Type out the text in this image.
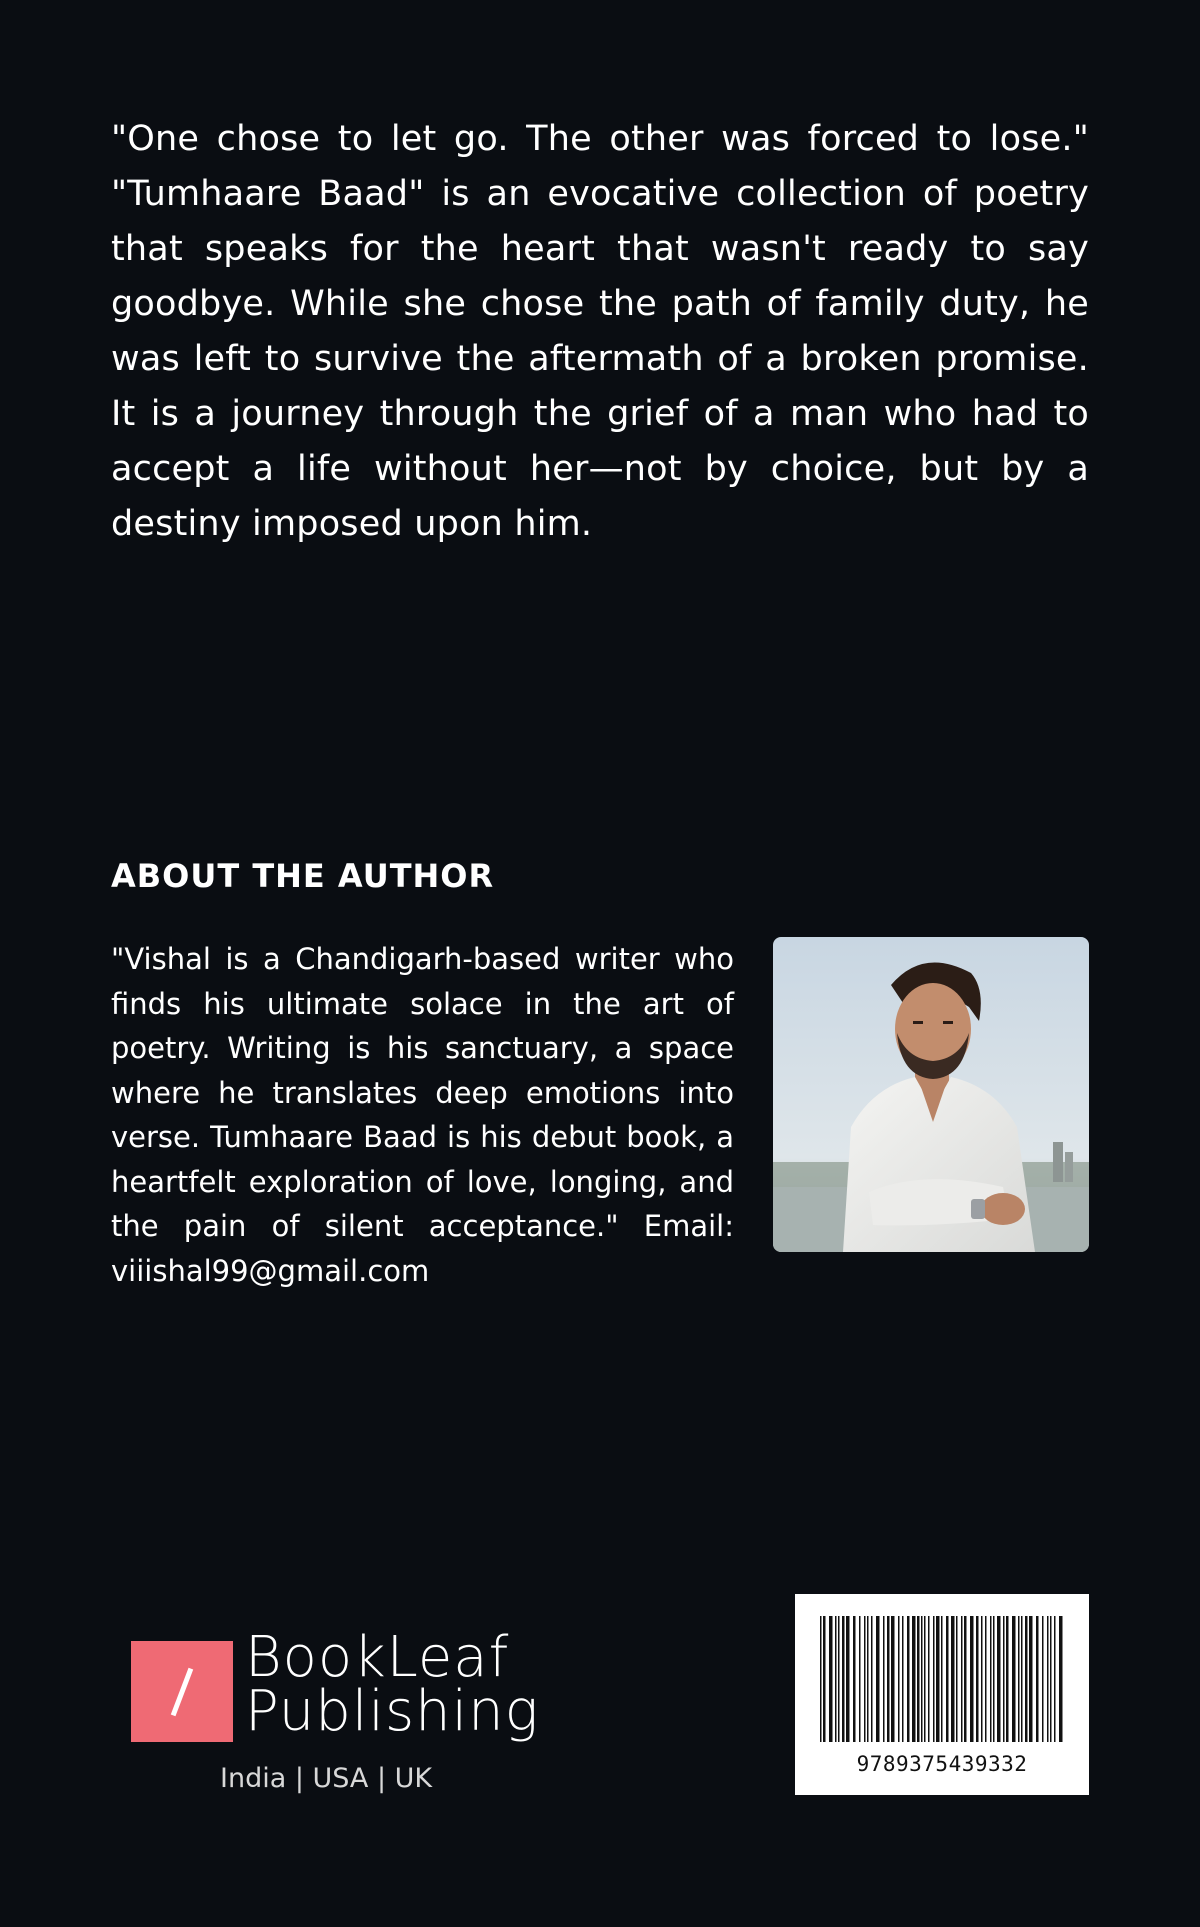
"One chose to let go. The other was forced to lose." "Tumhaare Baad" is an evocative collection of poetry that speaks for the heart that wasn't ready to say goodbye. While she chose the path of family duty, he was left to survive the aftermath of a broken promise. It is a journey through the grief of a man who had to accept a life without her—not by choice, but by a destiny imposed upon him.

ABOUT THE AUTHOR

"Vishal is a Chandigarh-based writer who finds his ultimate solace in the art of poetry. Writing is his sanctuary, a space where he translates deep emotions into verse. Tumhaare Baad is his debut book, a heartfelt exploration of love, longing, and the pain of silent acceptance." Email: viiishal99@gmail.com

BookLeaf
Publishing
India | USA | UK	9789375439332
